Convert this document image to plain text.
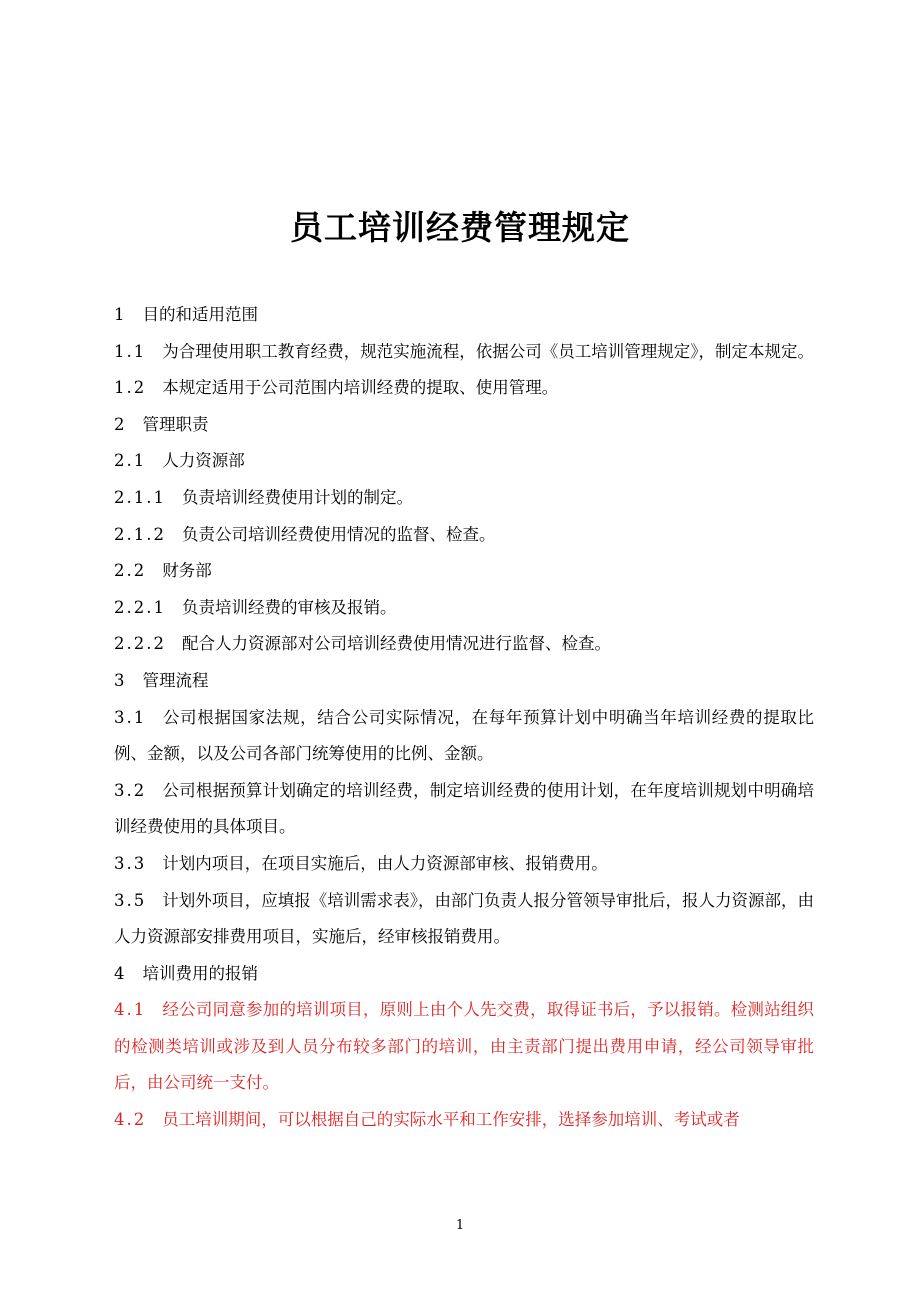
员工培训经费管理规定

1 目的和适用范围

1.1 为合理使用职工教育经费，规范实施流程，依据公司《员工培训管理规定》，制定本规定。

1.2 本规定适用于公司范围内培训经费的提取、使用管理。

2 管理职责

2.1 人力资源部

2.1.1 负责培训经费使用计划的制定。

2.1.2 负责公司培训经费使用情况的监督、检查。

2.2 财务部

2.2.1 负责培训经费的审核及报销。

2.2.2 配合人力资源部对公司培训经费使用情况进行监督、检查。

3 管理流程

3.1 公司根据国家法规，结合公司实际情况，在每年预算计划中明确当年培训经费的提取比例、金额，以及公司各部门统筹使用的比例、金额。

3.2 公司根据预算计划确定的培训经费，制定培训经费的使用计划，在年度培训规划中明确培训经费使用的具体项目。

3.3 计划内项目，在项目实施后，由人力资源部审核、报销费用。

3.5 计划外项目，应填报《培训需求表》，由部门负责人报分管领导审批后，报人力资源部，由人力资源部安排费用项目，实施后，经审核报销费用。

4 培训费用的报销

4.1 经公司同意参加的培训项目，原则上由个人先交费，取得证书后，予以报销。检测站组织的检测类培训或涉及到人员分布较多部门的培训，由主责部门提出费用申请，经公司领导审批后，由公司统一支付。

4.2 员工培训期间，可以根据自己的实际水平和工作安排，选择参加培训、考试或者

1
